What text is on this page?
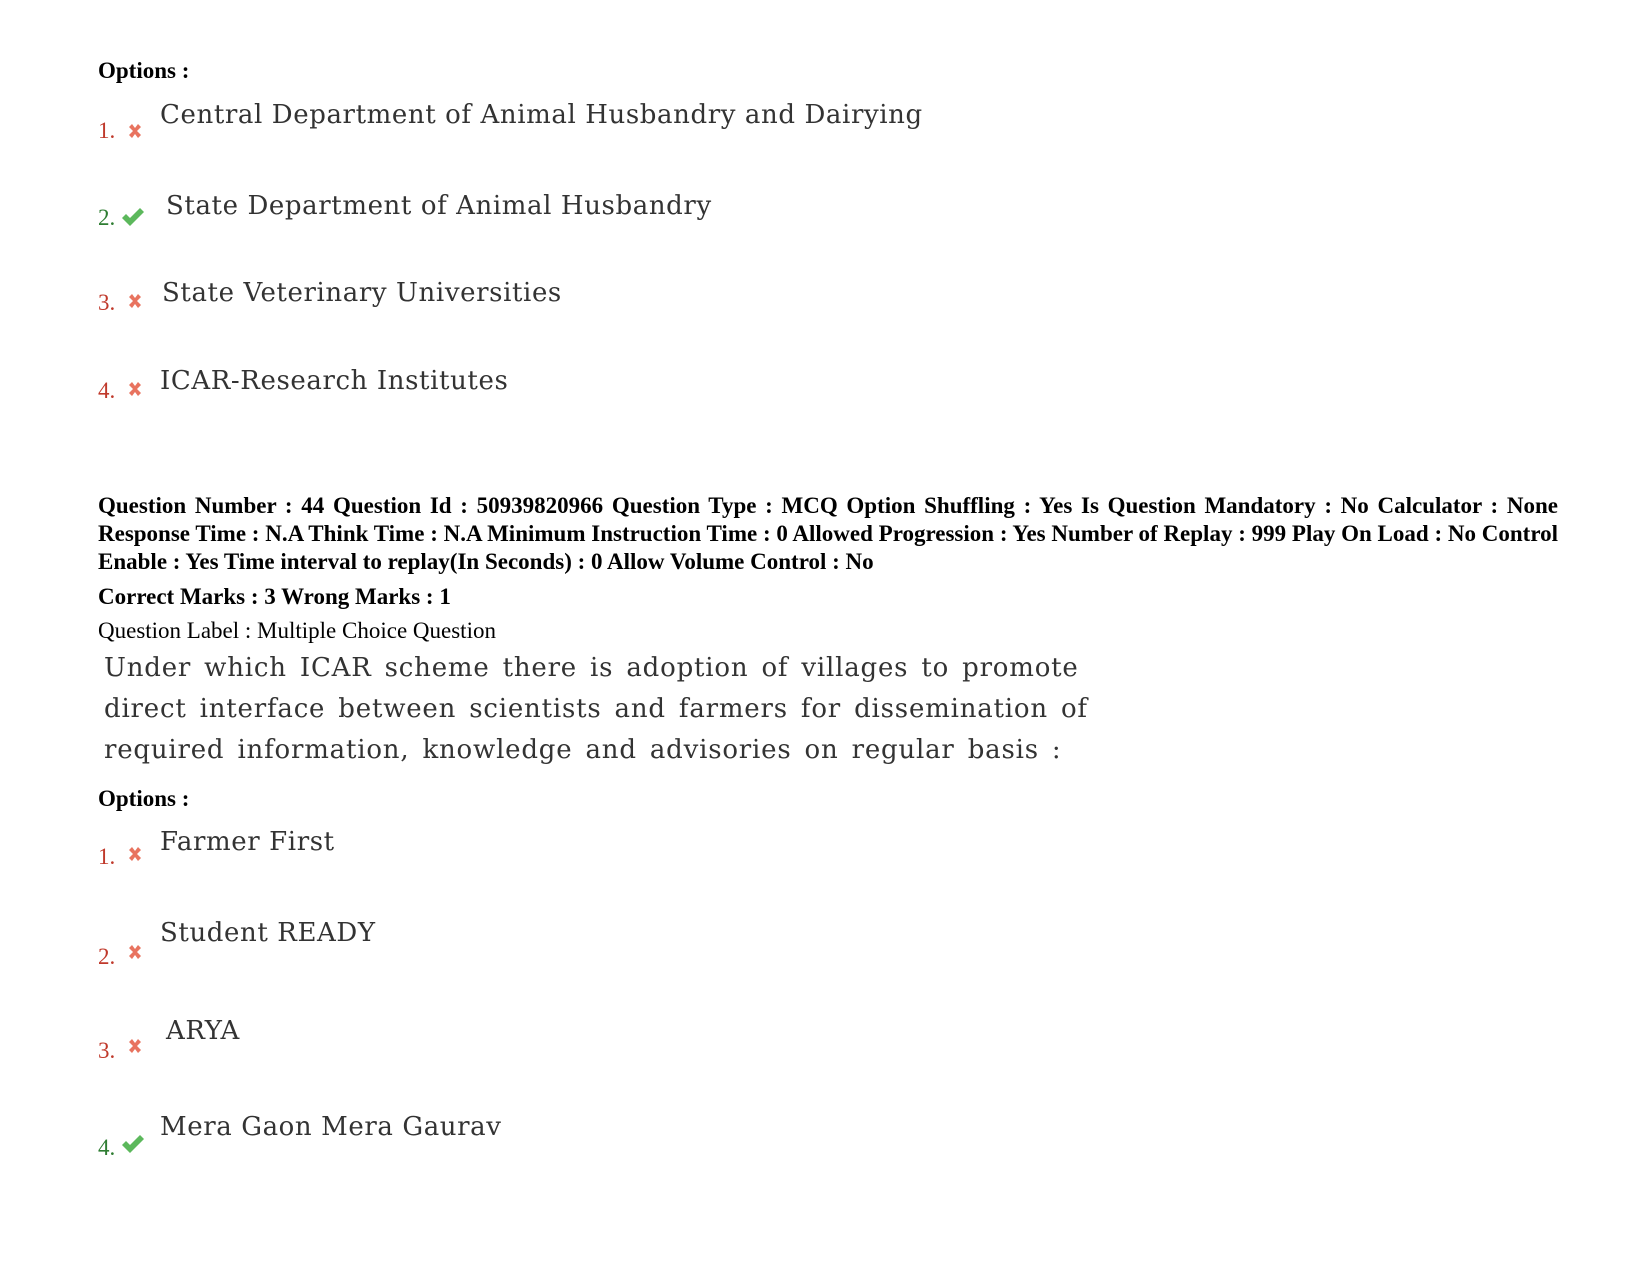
Options :
1.
Central Department of Animal Husbandry and Dairying
2. State Department of Animal Husbandry
3. State Veterinary Universities
4. ICAR-Research Institutes
Question Number : 44 Question Id : 50939820966 Question Type : MCQ Option Shuffling : Yes Is Question Mandatory : No Calculator : None Response Time : N.A Think Time : N.A Minimum Instruction Time : 0 Allowed Progression : Yes Number of Replay : 999 Play On Load : No Control Enable : Yes Time interval to replay(In Seconds) : 0 Allow Volume Control : No
Correct Marks : 3 Wrong Marks : 1
Question Label : Multiple Choice Question
Under which ICAR scheme there is adoption of villages to promote
direct interface between scientists and farmers for dissemination of
required information, knowledge and advisories on regular basis :
Options :
1. Farmer First
2.
Student READY
3.
ARYA
4.
Mera Gaon Mera Gaurav
